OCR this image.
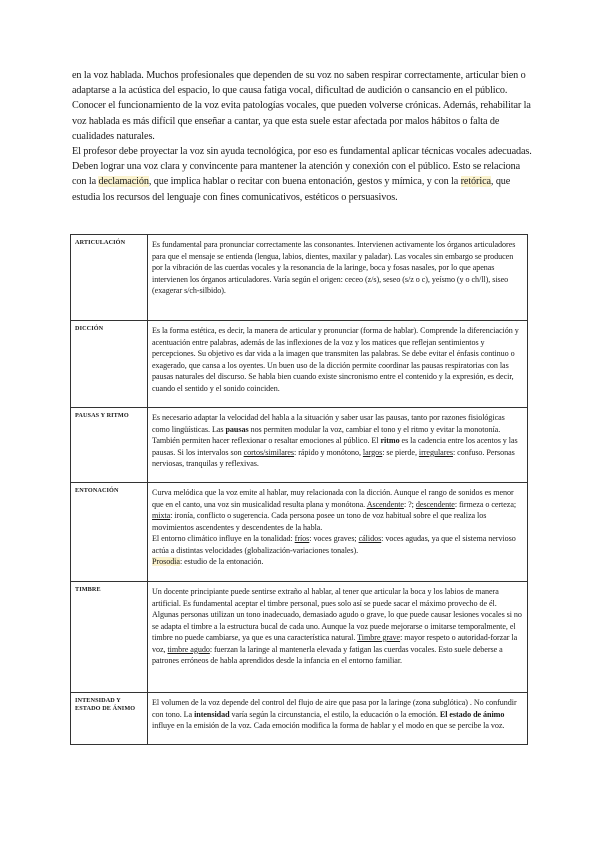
en la voz hablada. Muchos profesionales que dependen de su voz no saben respirar correctamente, articular bien o adaptarse a la acústica del espacio, lo que causa fatiga vocal, dificultad de audición o cansancio en el público. Conocer el funcionamiento de la voz evita patologías vocales, que pueden volverse crónicas. Además, rehabilitar la voz hablada es más difícil que enseñar a cantar, ya que esta suele estar afectada por malos hábitos o falta de cualidades naturales.

El profesor debe proyectar la voz sin ayuda tecnológica, por eso es fundamental aplicar técnicas vocales adecuadas. Deben lograr una voz clara y convincente para mantener la atención y conexión con el público. Esto se relaciona con la declamación, que implica hablar o recitar con buena entonación, gestos y mímica, y con la retórica, que estudia los recursos del lenguaje con fines comunicativos, estéticos o persuasivos.

ARTICULACIÓN	Es fundamental para pronunciar correctamente las consonantes. Intervienen activamente los órganos articuladores para que el mensaje se entienda (lengua, labios, dientes, maxilar y paladar). Las vocales sin embargo se producen por la vibración de las cuerdas vocales y la resonancia de la laringe, boca y fosas nasales, por lo que apenas intervienen los órganos articuladores. Varía según el origen: ceceo (z/s), seseo (s/z o c), yeísmo (y o ch/ll), siseo (exagerar s/ch-silbido).

DICCIÓN	Es la forma estética, es decir, la manera de articular y pronunciar (forma de hablar). Comprende la diferenciación y acentuación entre palabras, además de las inflexiones de la voz y los matices que reflejan sentimientos y percepciones. Su objetivo es dar vida a la imagen que transmiten las palabras. Se debe evitar el énfasis continuo o exagerado, que cansa a los oyentes. Un buen uso de la dicción permite coordinar las pausas respiratorias con las pausas naturales del discurso. Se habla bien cuando existe sincronismo entre el contenido y la expresión, es decir, cuando el sentido y el sonido coinciden.

PAUSAS Y RITMO	Es necesario adaptar la velocidad del habla a la situación y saber usar las pausas, tanto por razones fisiológicas como lingüísticas. Las pausas nos permiten modular la voz, cambiar el tono y el ritmo y evitar la monotonía. También permiten hacer reflexionar o resaltar emociones al público. El ritmo es la cadencia entre los acentos y las pausas. Si los intervalos son cortos/similares: rápido y monótono, largos: se pierde, irregulares: confuso. Personas nerviosas, tranquilas y reflexivas.

ENTONACIÓN	Curva melódica que la voz emite al hablar, muy relacionada con la dicción. Aunque el rango de sonidos es menor que en el canto, una voz sin musicalidad resulta plana y monótona. Ascendente: ?; descendente: firmeza o certeza; mixta: ironía, conflicto o sugerencia. Cada persona posee un tono de voz habitual sobre el que realiza los movimientos ascendentes y descendentes de la habla.

El entorno climático influye en la tonalidad: fríos: voces graves; cálidos: voces agudas, ya que el sistema nervioso actúa a distintas velocidades (globalización-variaciones tonales).

Prosodia: estudio de la entonación.

TIMBRE	Un docente principiante puede sentirse extraño al hablar, al tener que articular la boca y los labios de manera artificial. Es fundamental aceptar el timbre personal, pues solo así se puede sacar el máximo provecho de él. Algunas personas utilizan un tono inadecuado, demasiado agudo o grave, lo que puede causar lesiones vocales si no se adapta el timbre a la estructura bucal de cada uno. Aunque la voz puede mejorarse o imitarse temporalmente, el timbre no puede cambiarse, ya que es una característica natural. Timbre grave: mayor respeto o autoridad-forzar la voz, timbre agudo: fuerzan la laringe al mantenerla elevada y fatigan las cuerdas vocales. Esto suele deberse a patrones erróneos de habla aprendidos desde la infancia en el entorno familiar.

INTENSIDAD Y ESTADO DE ÁNIMO	El volumen de la voz depende del control del flujo de aire que pasa por la laringe (zona subglótica) . No confundir con tono. La intensidad varía según la circunstancia, el estilo, la educación o la emoción. El estado de ánimo influye en la emisión de la voz. Cada emoción modifica la forma de hablar y el modo en que se percibe la voz.
